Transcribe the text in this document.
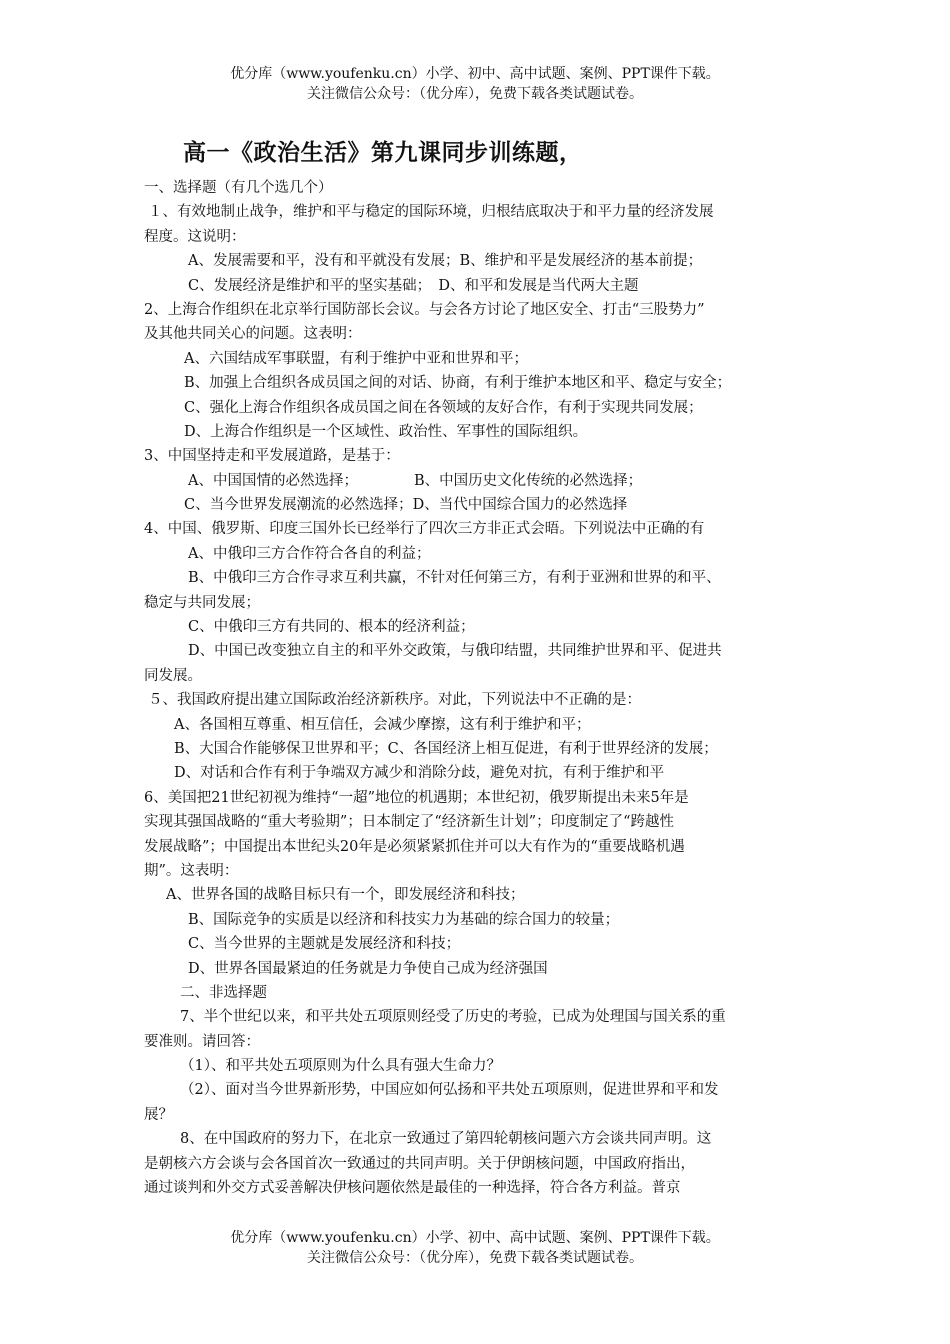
优分库（www.youfenku.cn）小学、初中、高中试题、案例、PPT课件下载。
关注微信公众号：（优分库），免费下载各类试题试卷。
高一《政治生活》第九课同步训练题，
一、选择题（有几个选几个）
１、有效地制止战争，维护和平与稳定的国际环境，归根结底取决于和平力量的经济发展
程度。这说明：
A、发展需要和平，没有和平就没有发展；B、维护和平是发展经济的基本前提；
C、发展经济是维护和平的坚实基础；　D、和平和发展是当代两大主题
2、上海合作组织在北京举行国防部长会议。与会各方讨论了地区安全、打击“三股势力”
及其他共同关心的问题。这表明：
A、六国结成军事联盟，有利于维护中亚和世界和平；
B、加强上合组织各成员国之间的对话、协商，有利于维护本地区和平、稳定与安全；
C、强化上海合作组织各成员国之间在各领域的友好合作，有利于实现共同发展；
D、上海合作组织是一个区域性、政治性、军事性的国际组织。
3、中国坚持走和平发展道路，是基于：
A、中国国情的必然选择；	B、中国历史文化传统的必然选择；
C、当今世界发展潮流的必然选择；D、当代中国综合国力的必然选择
4、中国、俄罗斯、印度三国外长已经举行了四次三方非正式会晤。下列说法中正确的有
A、中俄印三方合作符合各自的利益；
B、中俄印三方合作寻求互利共赢，不针对任何第三方，有利于亚洲和世界的和平、
稳定与共同发展；
C、中俄印三方有共同的、根本的经济利益；
D、中国已改变独立自主的和平外交政策，与俄印结盟，共同维护世界和平、促进共
同发展。
５、我国政府提出建立国际政治经济新秩序。对此，下列说法中不正确的是：
A、各国相互尊重、相互信任，会减少摩擦，这有利于维护和平；
B、大国合作能够保卫世界和平；C、各国经济上相互促进，有利于世界经济的发展；
D、对话和合作有利于争端双方减少和消除分歧，避免对抗，有利于维护和平
6、美国把21世纪初视为维持“一超”地位的机遇期；本世纪初，俄罗斯提出未来5年是
实现其强国战略的“重大考验期”；日本制定了“经济新生计划”；印度制定了“跨越性
发展战略”；中国提出本世纪头20年是必须紧紧抓住并可以大有作为的“重要战略机遇
期”。这表明：
A、世界各国的战略目标只有一个，即发展经济和科技；
B、国际竞争的实质是以经济和科技实力为基础的综合国力的较量；
C、当今世界的主题就是发展经济和科技；
D、世界各国最紧迫的任务就是力争使自己成为经济强国
二、非选择题
7、半个世纪以来，和平共处五项原则经受了历史的考验，已成为处理国与国关系的重
要准则。请回答：
（1）、和平共处五项原则为什么具有强大生命力？
（2）、面对当今世界新形势，中国应如何弘扬和平共处五项原则，促进世界和平和发
展？
8、在中国政府的努力下，在北京一致通过了第四轮朝核问题六方会谈共同声明。这
是朝核六方会谈与会各国首次一致通过的共同声明。关于伊朗核问题，中国政府指出，
通过谈判和外交方式妥善解决伊核问题依然是最佳的一种选择，符合各方利益。普京
优分库（www.youfenku.cn）小学、初中、高中试题、案例、PPT课件下载。
关注微信公众号：（优分库），免费下载各类试题试卷。
